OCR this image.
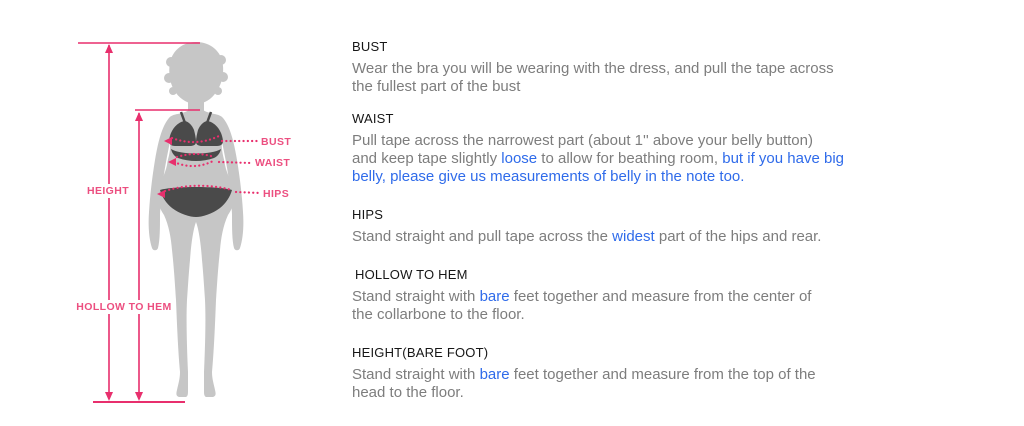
HEIGHT
HOLLOW TO HEM
BUST
WAIST
HIPS
BUST
Wear the bra you will be wearing with the dress, and pull the tape across
the fullest part of the bust
WAIST
Pull tape across the narrowest part (about 1'' above your belly button)
and keep tape slightly loose to allow for beathing room, but if you have big
belly, please give us measurements of belly in the note too.
HIPS
Stand straight and pull tape across the widest part of the hips and rear.
HOLLOW TO HEM
Stand straight with bare feet together and measure from the center of
the collarbone to the floor.
HEIGHT(BARE FOOT)
Stand straight with bare feet together and measure from the top of the
head to the floor.
